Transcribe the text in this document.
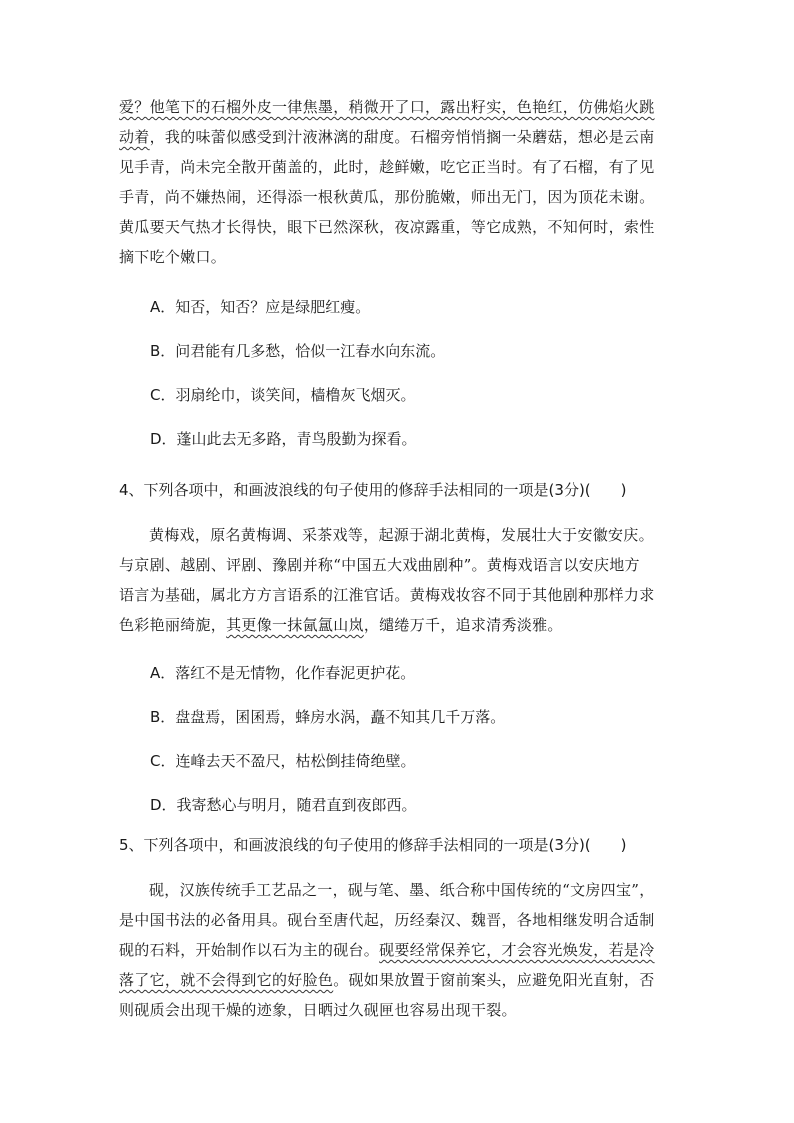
爱？他笔下的石榴外皮一律焦墨，稍微开了口，露出籽实，色艳红，仿佛焰火跳
动着，我的味蕾似感受到汁液淋漓的甜度。石榴旁悄悄搁一朵蘑菇，想必是云南
见手青，尚未完全散开菌盖的，此时，趁鲜嫩，吃它正当时。有了石榴，有了见
手青，尚不嫌热闹，还得添一根秋黄瓜，那份脆嫩，师出无门，因为顶花未谢。
黄瓜要天气热才长得快，眼下已然深秋，夜凉露重，等它成熟，不知何时，索性
摘下吃个嫩口。
A．知否，知否？应是绿肥红瘦。
B．问君能有几多愁，恰似一江春水向东流。
C．羽扇纶巾，谈笑间，樯橹灰飞烟灭。
D．蓬山此去无多路，青鸟殷勤为探看。
4、下列各项中，和画波浪线的句子使用的修辞手法相同的一项是(3分)(　　)
黄梅戏，原名黄梅调、采茶戏等，起源于湖北黄梅，发展壮大于安徽安庆。
与京剧、越剧、评剧、豫剧并称“中国五大戏曲剧种”。黄梅戏语言以安庆地方
语言为基础，属北方方言语系的江淮官话。黄梅戏妆容不同于其他剧种那样力求
色彩艳丽绮旎，其更像一抹氤氲山岚，缱绻万千，追求清秀淡雅。
A．落红不是无情物，化作春泥更护花。
B．盘盘焉，囷囷焉，蜂房水涡，矗不知其几千万落。
C．连峰去天不盈尺，枯松倒挂倚绝壁。
D．我寄愁心与明月，随君直到夜郎西。
5、下列各项中，和画波浪线的句子使用的修辞手法相同的一项是(3分)(　　)
砚，汉族传统手工艺品之一，砚与笔、墨、纸合称中国传统的“文房四宝”，
是中国书法的必备用具。砚台至唐代起，历经秦汉、魏晋，各地相继发明合适制
砚的石料，开始制作以石为主的砚台。砚要经常保养它，才会容光焕发，若是冷
落了它，就不会得到它的好脸色。砚如果放置于窗前案头，应避免阳光直射，否
则砚质会出现干燥的迹象，日晒过久砚匣也容易出现干裂。
